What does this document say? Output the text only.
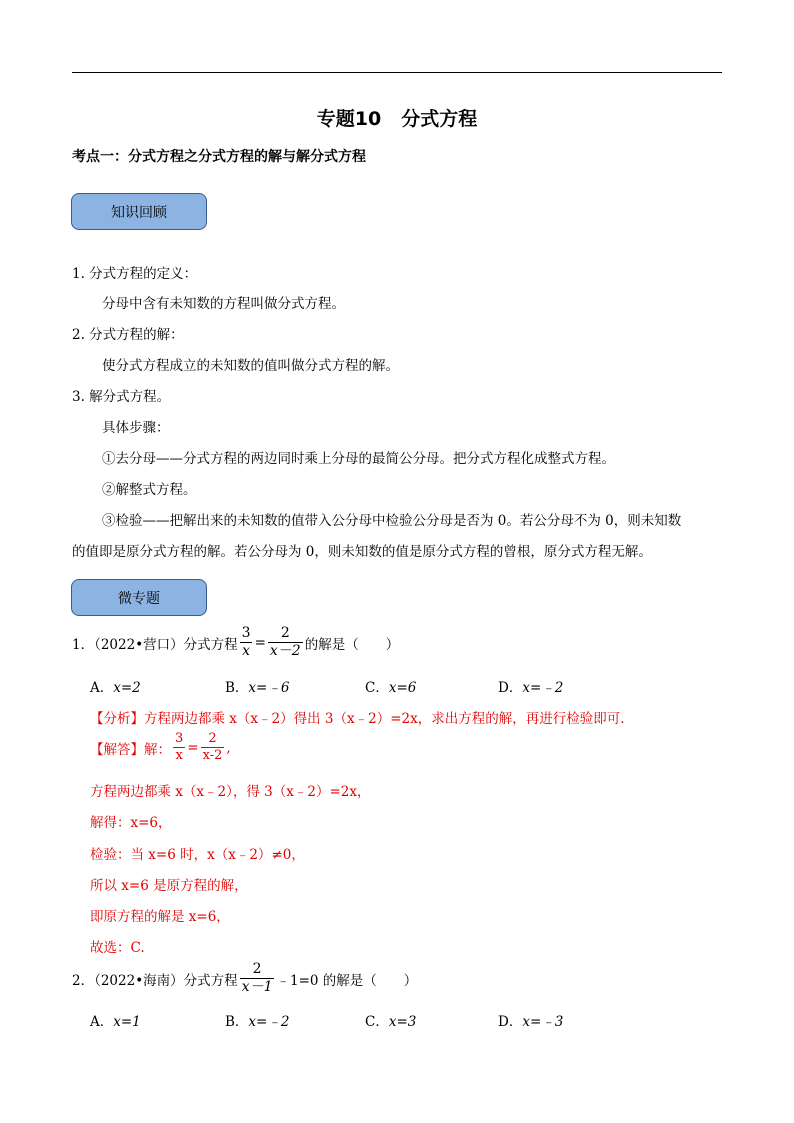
专题10 分式方程
考点一：分式方程之分式方程的解与解分式方程
知识回顾
1. 分式方程的定义：
分母中含有未知数的方程叫做分式方程。
2. 分式方程的解：
使分式方程成立的未知数的值叫做分式方程的解。
3. 解分式方程。
具体步骤：
①去分母——分式方程的两边同时乘上分母的最简公分母。把分式方程化成整式方程。
②解整式方程。
③检验——把解出来的未知数的值带入公分母中检验公分母是否为 0。若公分母不为 0，则未知数
的值即是原分式方程的解。若公分母为 0，则未知数的值是原分式方程的曾根，原分式方程无解。
微专题
1．（2022•营口）分式方程 $\frac{3}{x} = \frac{2}{x-2}$ 的解是（　　）
A．x=2	B．x=﹣6	C．x=6	D．x=﹣2
【分析】方程两边都乘 x（x﹣2）得出 3（x﹣2）=2x，求出方程的解，再进行检验即可.
【解答】 解： $\frac{3}{x} = \frac{2}{x-2}$ ,
方程两边都乘 x（x﹣2），得 3（x﹣2）=2x，
解得：x=6，
检验：当 x=6 时，x（x﹣2）≠0，
所以 x=6 是原方程的解，
即原方程的解是 x=6，
故选：C.
2．（2022•海南）分式方程 $\frac{2}{x-1}$ ﹣1=0 的解是（　　）
A．x=1	B．x=﹣2	C．x=3	D．x=﹣3
